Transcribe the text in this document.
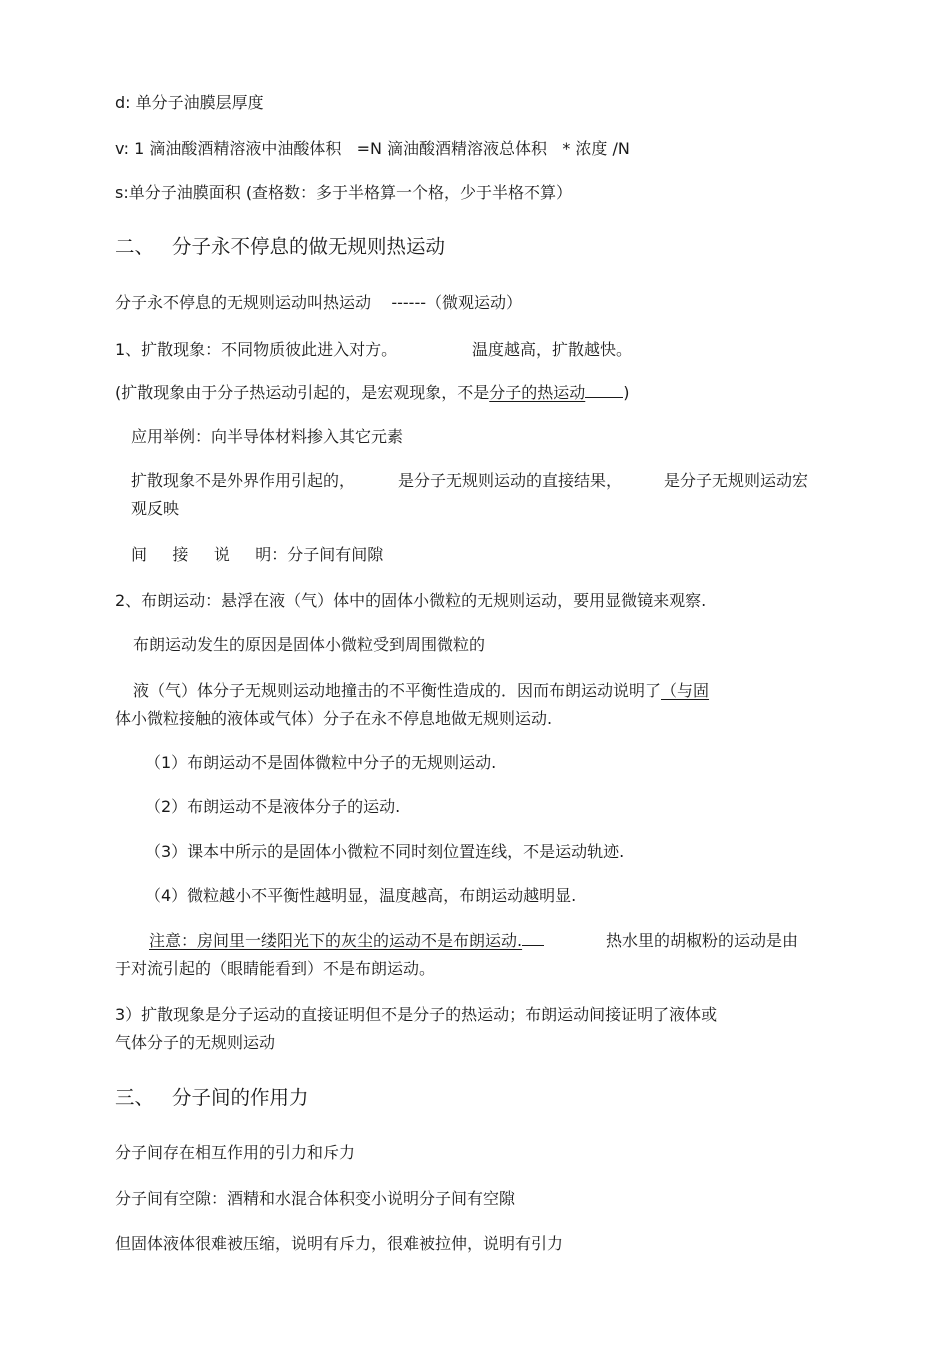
d: 单分子油膜层厚度
v: 1 滴油酸酒精溶液中油酸体积   =N 滴油酸酒精溶液总体积   * 浓度 /N
s:单分子油膜面积 (查格数：多于半格算一个格，少于半格不算）
二、 分子永不停息的做无规则热运动
分子永不停息的无规则运动叫热运动    ------（微观运动）
1、扩散现象：不同物质彼此进入对方。	温度越高，扩散越快。
(扩散现象由于分子热运动引起的，是宏观现象，不是分子的热运动 )
应用举例：向半导体材料掺入其它元素
扩散现象不是外界作用引起的，	是分子无规则运动的直接结果，	是分子无规则运动宏
观反映
间     接     说     明：分子间有间隙
2、布朗运动：悬浮在液（气）体中的固体小微粒的无规则运动，要用显微镜来观察.
布朗运动发生的原因是固体小微粒受到周围微粒的
液（气）体分子无规则运动地撞击的不平衡性造成的．因而布朗运动说明了（与固
体小微粒接触的液体或气体）分子在永不停息地做无规则运动.
（1）布朗运动不是固体微粒中分子的无规则运动.
（2）布朗运动不是液体分子的运动.
（3）课本中所示的是固体小微粒不同时刻位置连线，不是运动轨迹.
（4）微粒越小不平衡性越明显，温度越高，布朗运动越明显.
注意：房间里一缕阳光下的灰尘的运动不是布朗运动.	热水里的胡椒粉的运动是由
于对流引起的（眼睛能看到）不是布朗运动。
3）扩散现象是分子运动的直接证明但不是分子的热运动；布朗运动间接证明了液体或
气体分子的无规则运动
三、 分子间的作用力
分子间存在相互作用的引力和斥力
分子间有空隙：酒精和水混合体积变小说明分子间有空隙
但固体液体很难被压缩，说明有斥力，很难被拉伸，说明有引力
